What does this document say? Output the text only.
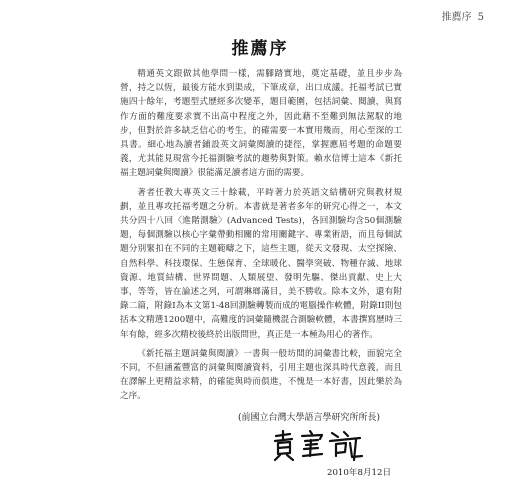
推薦序 5
推薦序

精通英文跟做其他學問一樣，需腳踏實地，奠定基礎，並且步步為營，持之以恆，最後方能水到渠成，下筆成章，出口成議。托福考試已實施四十餘年，考題型式歷經多次變革，題目範圍，包括詞彙、閱讀，與寫作方面的難度要求實不出高中程度之外，因此藉不至難到無法駕馭的地步，但對於許多缺乏信心的考生，的確需要一本實用幾而，用心至深的工具書。細心地為讀者鋪設英文詞彙閱讀的捷徑，掌握應屆考題的命題要義，尤其能見現當今托福測驗考試的趨勢與對策。賴水信博士這本《新托福主題詞彙與閱讀》很能滿足讀者這方面的需要。

著者任教大專英文三十餘載，平時著力於英語文結構研究與教材規劃，並且專攻托福考題之分析。本書就是著者多年的研究心得之一，本文共分四十八回〈進階測驗〉(Advanced Tests)，各回測驗均含50個測驗題，每個測驗以核心字彙帶動相關的常用關鍵字、專業術語，而且每個試題分別緊扣在不同的主題範疇之下，這些主題，從天文發現、太空探險、自然科學、科技環保、生態保育、全球暖化、醫學突破、物種存滅、地球資源、地質結構、世界問題、人類展望、發明先驅、傑出貢獻、史上大事，等等，皆在論述之列，可謂琳瑯滿目，美不勝收。除本文外，還有附錄二篇，附錄I為本文第1-48回測驗轉製而成的電腦操作軟體，附錄II則包括本文精選1200題中，高難度的詞彙隨機混合測驗軟體，本書撰寫歷時三年有餘，經多次精校後終於出版問世，真正是一本極為用心的著作。

《新托福主題詞彙與閱讀》一書與一般坊間的詞彙書比較，面貌完全不同，不但涵蓋豐富的詞彙與閱讀資料，引用主題也深具時代意義，而且在譯解上更精益求精，的確能與時而俱進，不愧是一本好書，因此樂於為之序。

(前國立台灣大學語言學研究所所長)
2010年8月12日
